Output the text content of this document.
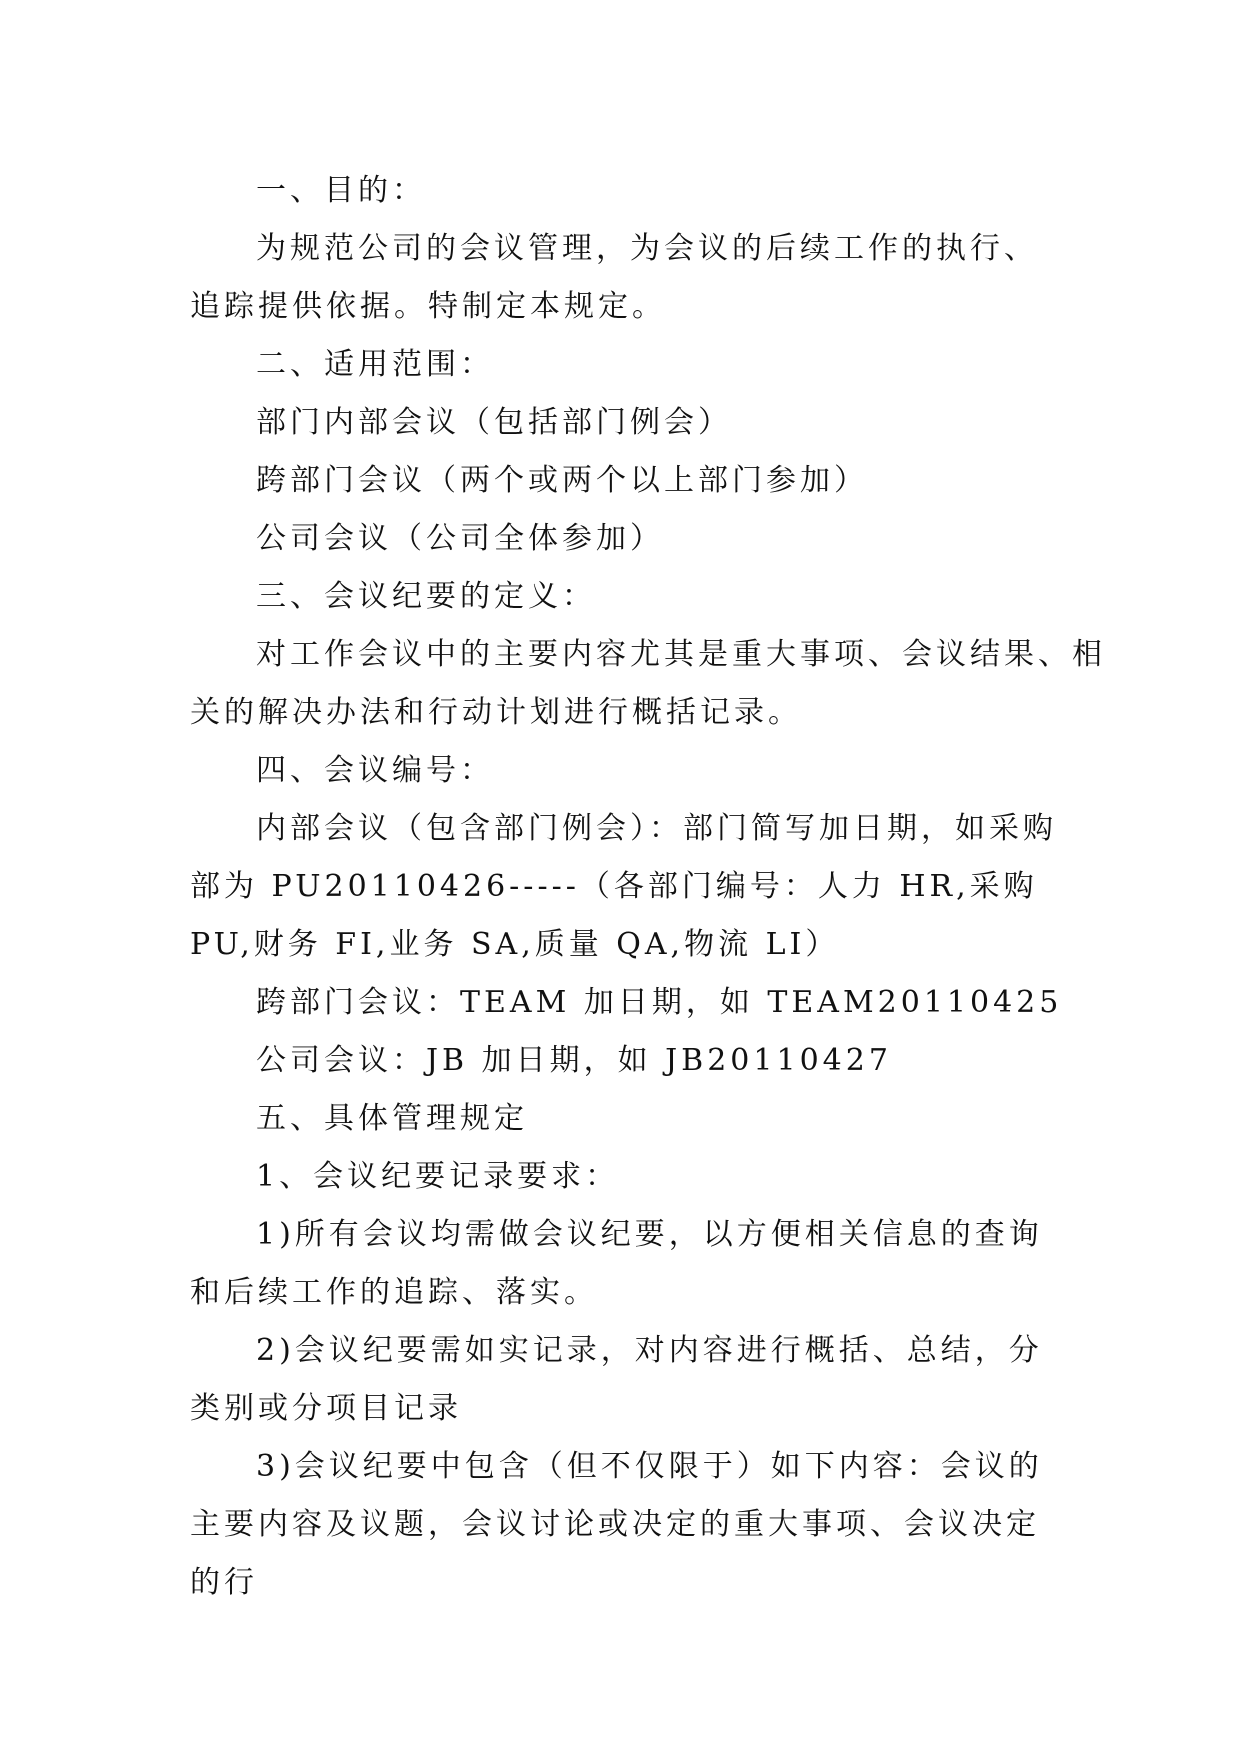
一、目的：

为规范公司的会议管理，为会议的后续工作的执行、追踪提供依据。特制定本规定。

二、适用范围：

部门内部会议（包括部门例会）

跨部门会议（两个或两个以上部门参加）

公司会议（公司全体参加）

三、会议纪要的定义：

对工作会议中的主要内容尤其是重大事项、会议结果、相关的解决办法和行动计划进行概括记录。

四、会议编号：

内部会议（包含部门例会）：部门简写加日期，如采购部为 PU20110426-----（各部门编号：人力 HR,采购 PU,财务 FI,业务 SA,质量 QA,物流 LI）

跨部门会议：TEAM 加日期，如 TEAM20110425

公司会议：JB 加日期，如 JB20110427

五、具体管理规定

1、会议纪要记录要求：

1)所有会议均需做会议纪要，以方便相关信息的查询和后续工作的追踪、落实。

2)会议纪要需如实记录，对内容进行概括、总结，分类别或分项目记录

3)会议纪要中包含（但不仅限于）如下内容：会议的主要内容及议题，会议讨论或决定的重大事项、会议决定的行
